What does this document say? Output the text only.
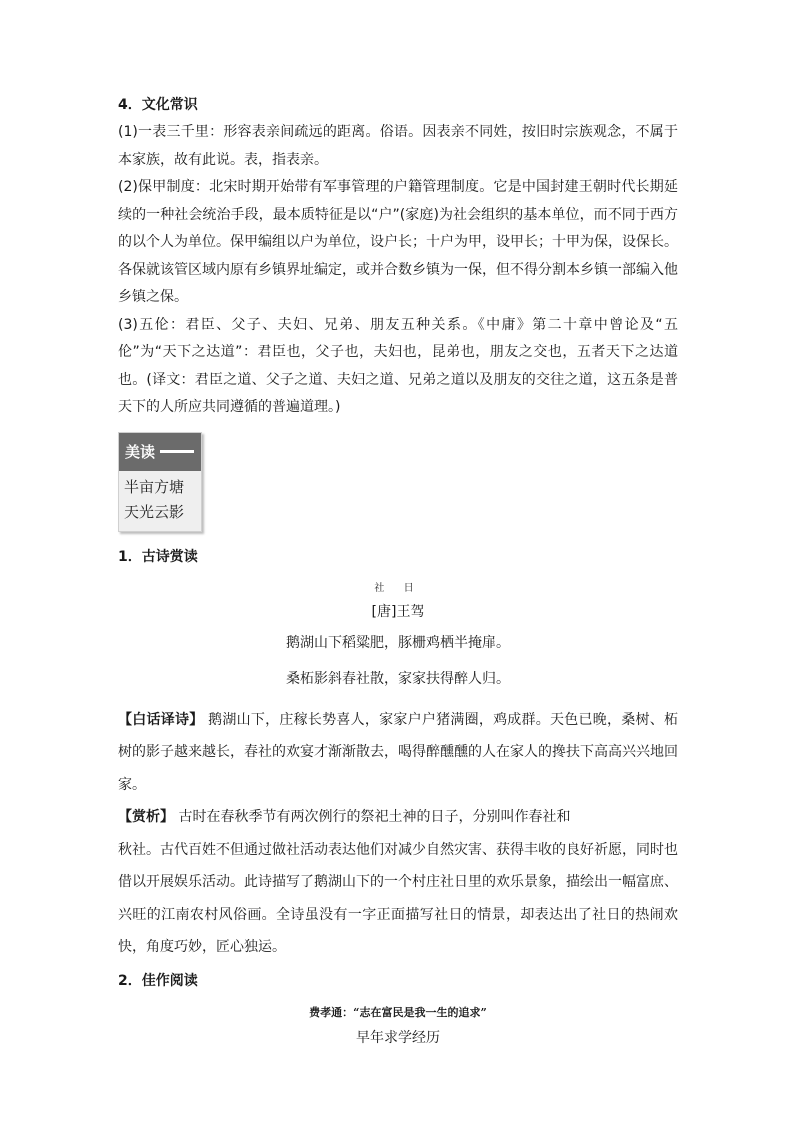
4．文化常识

(1)一表三千里：形容表亲间疏远的距离。俗语。因表亲不同姓，按旧时宗族观念，不属于本家族，故有此说。表，指表亲。

(2)保甲制度：北宋时期开始带有军事管理的户籍管理制度。它是中国封建王朝时代长期延续的一种社会统治手段，最本质特征是以“户”(家庭)为社会组织的基本单位，而不同于西方的以个人为单位。保甲编组以户为单位，设户长；十户为甲，设甲长；十甲为保，设保长。各保就该管区域内原有乡镇界址编定，或并合数乡镇为一保，但不得分割本乡镇一部编入他乡镇之保。

(3)五伦：君臣、父子、夫妇、兄弟、朋友五种关系。《中庸》第二十章中曾论及“五伦”为“天下之达道”：君臣也，父子也，夫妇也，昆弟也，朋友之交也，五者天下之达道也。(译文：君臣之道、父子之道、夫妇之道、兄弟之道以及朋友的交往之道，这五条是普天下的人所应共同遵循的普遍道理。)

美读
半亩方塘
天光云影
1．古诗赏读
社 日
[唐]王驾
鹅湖山下稻粱肥，豚栅鸡栖半掩扉。
桑柘影斜春社散，家家扶得醉人归。

【白话译诗】 鹅湖山下，庄稼长势喜人，家家户户猪满圈，鸡成群。天色已晚，桑树、柘树的影子越来越长，春社的欢宴才渐渐散去，喝得醉醺醺的人在家人的搀扶下高高兴兴地回家。

【赏析】 古时在春秋季节有两次例行的祭祀土神的日子，分别叫作春社和

秋社。古代百姓不但通过做社活动表达他们对减少自然灾害、获得丰收的良好祈愿，同时也借以开展娱乐活动。此诗描写了鹅湖山下的一个村庄社日里的欢乐景象，描绘出一幅富庶、兴旺的江南农村风俗画。全诗虽没有一字正面描写社日的情景，却表达出了社日的热闹欢快，角度巧妙，匠心独运。

2．佳作阅读
费孝通：“志在富民是我一生的追求”
早年求学经历
